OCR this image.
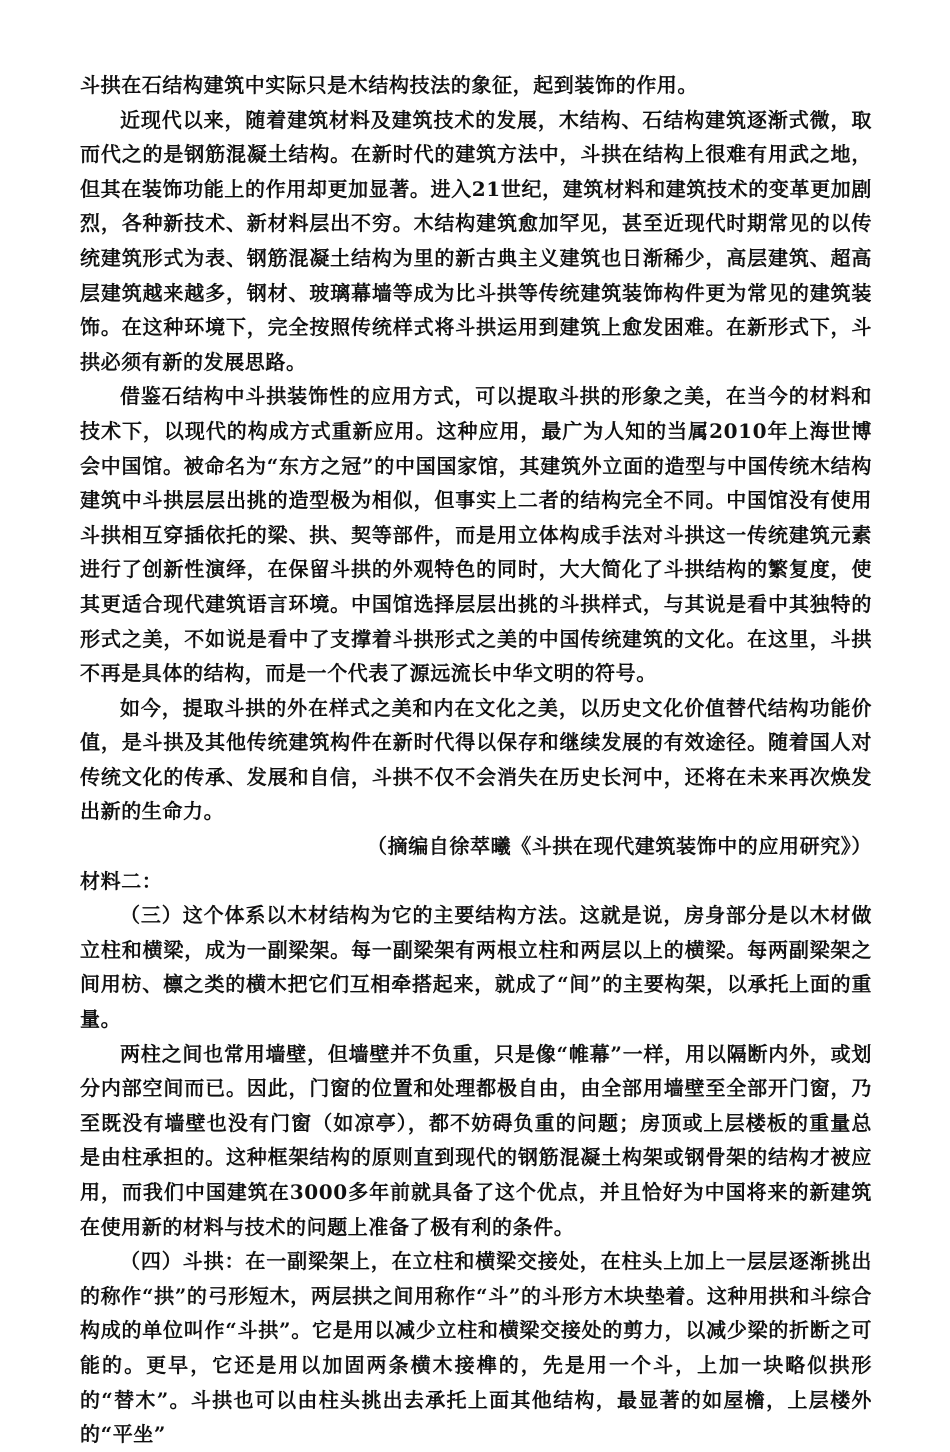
斗拱在石结构建筑中实际只是木结构技法的象征，起到装饰的作用。

近现代以来，随着建筑材料及建筑技术的发展，木结构、石结构建筑逐渐式微，取而代之的是钢筋混凝土结构。在新时代的建筑方法中，斗拱在结构上很难有用武之地，但其在装饰功能上的作用却更加显著。进入21世纪，建筑材料和建筑技术的变革更加剧烈，各种新技术、新材料层出不穷。木结构建筑愈加罕见，甚至近现代时期常见的以传统建筑形式为表、钢筋混凝土结构为里的新古典主义建筑也日渐稀少，高层建筑、超高层建筑越来越多，钢材、玻璃幕墙等成为比斗拱等传统建筑装饰构件更为常见的建筑装饰。在这种环境下，完全按照传统样式将斗拱运用到建筑上愈发困难。在新形式下，斗拱必须有新的发展思路。

借鉴石结构中斗拱装饰性的应用方式，可以提取斗拱的形象之美，在当今的材料和技术下，以现代的构成方式重新应用。这种应用，最广为人知的当属2010年上海世博会中国馆。被命名为“东方之冠”的中国国家馆，其建筑外立面的造型与中国传统木结构建筑中斗拱层层出挑的造型极为相似，但事实上二者的结构完全不同。中国馆没有使用斗拱相互穿插依托的梁、拱、契等部件，而是用立体构成手法对斗拱这一传统建筑元素进行了创新性演绎，在保留斗拱的外观特色的同时，大大简化了斗拱结构的繁复度，使其更适合现代建筑语言环境。中国馆选择层层出挑的斗拱样式，与其说是看中其独特的形式之美，不如说是看中了支撑着斗拱形式之美的中国传统建筑的文化。在这里，斗拱不再是具体的结构，而是一个代表了源远流长中华文明的符号。

如今，提取斗拱的外在样式之美和内在文化之美，以历史文化价值替代结构功能价值，是斗拱及其他传统建筑构件在新时代得以保存和继续发展的有效途径。随着国人对传统文化的传承、发展和自信，斗拱不仅不会消失在历史长河中，还将在未来再次焕发出新的生命力。

（摘编自徐萃曦《斗拱在现代建筑装饰中的应用研究》）

材料二：

（三）这个体系以木材结构为它的主要结构方法。这就是说，房身部分是以木材做立柱和横梁，成为一副梁架。每一副梁架有两根立柱和两层以上的横梁。每两副梁架之间用枋、檩之类的横木把它们互相牵搭起来，就成了“间”的主要构架，以承托上面的重量。

两柱之间也常用墙壁，但墙壁并不负重，只是像“帷幕”一样，用以隔断内外，或划分内部空间而已。因此，门窗的位置和处理都极自由，由全部用墙壁至全部开门窗，乃至既没有墙壁也没有门窗（如凉亭），都不妨碍负重的问题；房顶或上层楼板的重量总是由柱承担的。这种框架结构的原则直到现代的钢筋混凝土构架或钢骨架的结构才被应用，而我们中国建筑在3000多年前就具备了这个优点，并且恰好为中国将来的新建筑在使用新的材料与技术的问题上准备了极有利的条件。

（四）斗拱：在一副梁架上，在立柱和横梁交接处，在柱头上加上一层层逐渐挑出的称作“拱”的弓形短木，两层拱之间用称作“斗”的斗形方木块垫着。这种用拱和斗综合构成的单位叫作“斗拱”。它是用以减少立柱和横梁交接处的剪力，以减少梁的折断之可能的。更早，它还是用以加固两条横木接榫的，先是用一个斗，上加一块略似拱形的“替木”。斗拱也可以由柱头挑出去承托上面其他结构，最显著的如屋檐，上层楼外的“平坐”
